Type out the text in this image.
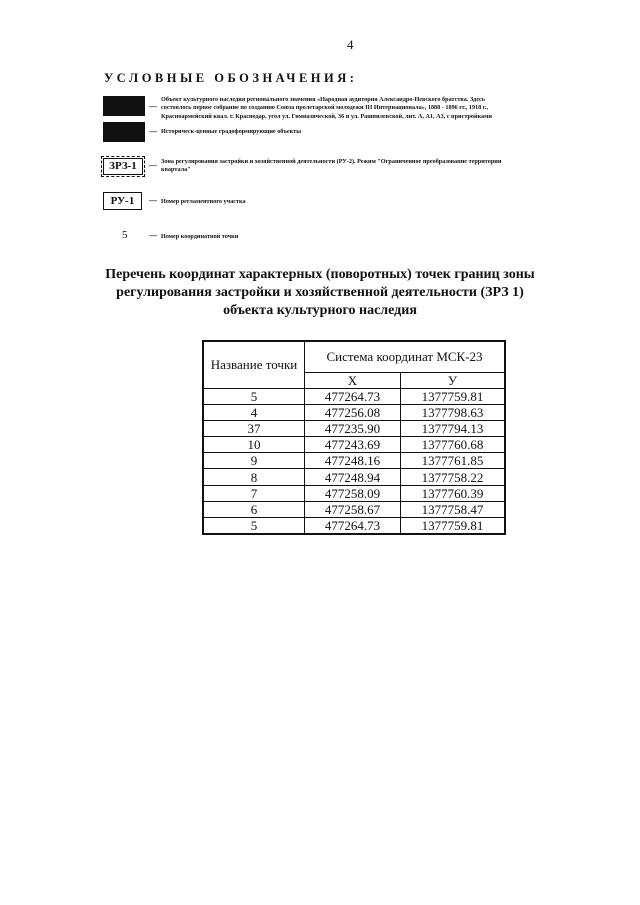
4
УСЛОВНЫЕ ОБОЗНАЧЕНИЯ:
—
Объект культурного наследия регионального значения «Народная аудитория Александро-Невского братства. Здесь
состоялось первое собрание по созданию Союза пролетарской молодежи III Интернационала», 1888 - 1896 гг., 1918 г.,
Красноармейский квал. г. Краснодар, угол ул. Гимназической, 36 и ул. Рашпилевской, лит. А, А1, А3, с пристройками
— Историческ-ценные градоформирующие объекты
ЗРЗ-1	— Зона регулирования застройки и хозяйственной деятельности (РУ-2). Режим "Ограниченное преобразование территории
квартала"
РУ-1	— Номер регламентного участка
5	— Номер координатной точки
Перечень координат характерных (поворотных) точек границ зоны регулирования застройки и хозяйственной деятельности (ЗРЗ 1) объекта культурного наследия
Название точки	Система координат МСК-23	
	Х	У
5	477264.73	1377759.81
4	477256.08	1377798.63
37	477235.90	1377794.13
10	477243.69	1377760.68
9	477248.16	1377761.85
8	477248.94	1377758.22
7	477258.09	1377760.39
6	477258.67	1377758.47
5	477264.73	1377759.81
